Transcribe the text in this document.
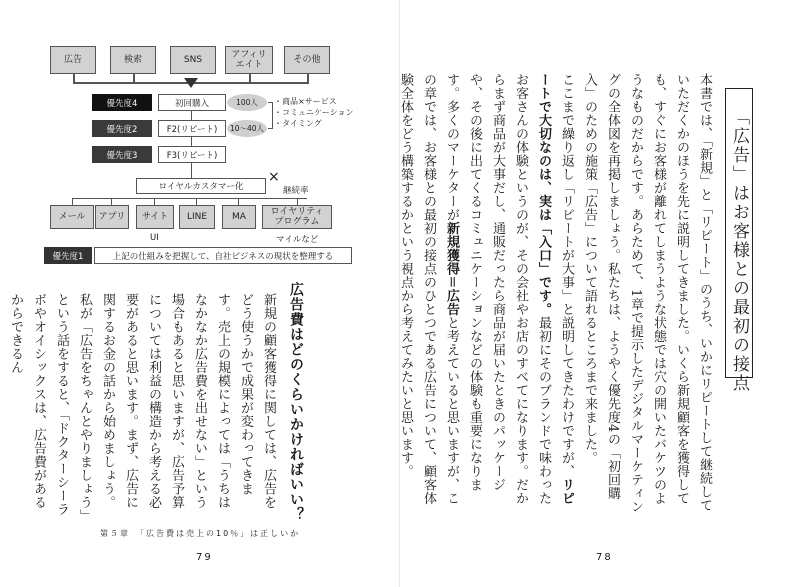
広告	検索	SNS
アフィリ
エイト
その他
優先度4	初回購入	100人
優先度2	F2(リピート)	10〜40人
優先度3	F3(リピート)
・商品×サービス
・コミュニケーション
・タイミング
ロイヤルカスタマー化
×
継続率
メール	アプリ	サイト	LINE	MA
ロイヤリティ
プログラム
UI	マイルなど
優先度1	上記の仕組みを把握して、自社ビジネスの現状を整理する
広告費はどのくらいかければいい？

新規の顧客獲得に関しては、広告をどう使うかで成果が変わってきます。売上の規模によっては「うちはなかなか広告費を出せない」という場合もあると思いますが、広告予算については利益の構造から考える必要があると思います。まず、広告に関するお金の話から始めましょう。

私が「広告をちゃんとやりましょう」という話をすると、「ドクターシーラボやオイシックスは、広告費があるからできるん

第５章　「広告費は売上の10％」は正しいか
79
「広告」はお客様との最初の接点

本書では、「新規」と「リピート」のうち、いかにリピートして継続していただくかのほうを先に説明してきました。いくら新規顧客を獲得しても、すぐにお客様が離れてしまうような状態では穴の開いたバケツのようなものだからです。あらためて、1章で提示したデジタルマーケティングの全体図を再掲しましょう。私たちは、ようやく優先度4の「初回購入」のための施策「広告」について語れるところまで来ました。

ここまで繰り返し「リピートが大事」と説明してきたわけですが、リピートで大切なのは、実は「入口」です。最初にそのブランドで味わったお客さんの体験というのが、その会社やお店のすべてになります。だからまず商品が大事だし、通販だったら商品が届いたときのパッケージや、その後に出てくるコミュニケーションなどの体験も重要になります。多くのマーケターが新規獲得＝広告と考えていると思いますが、この章では、お客様との最初の接点のひとつである広告について、顧客体験全体をどう構築するかという視点から考えてみたいと思います。

78
